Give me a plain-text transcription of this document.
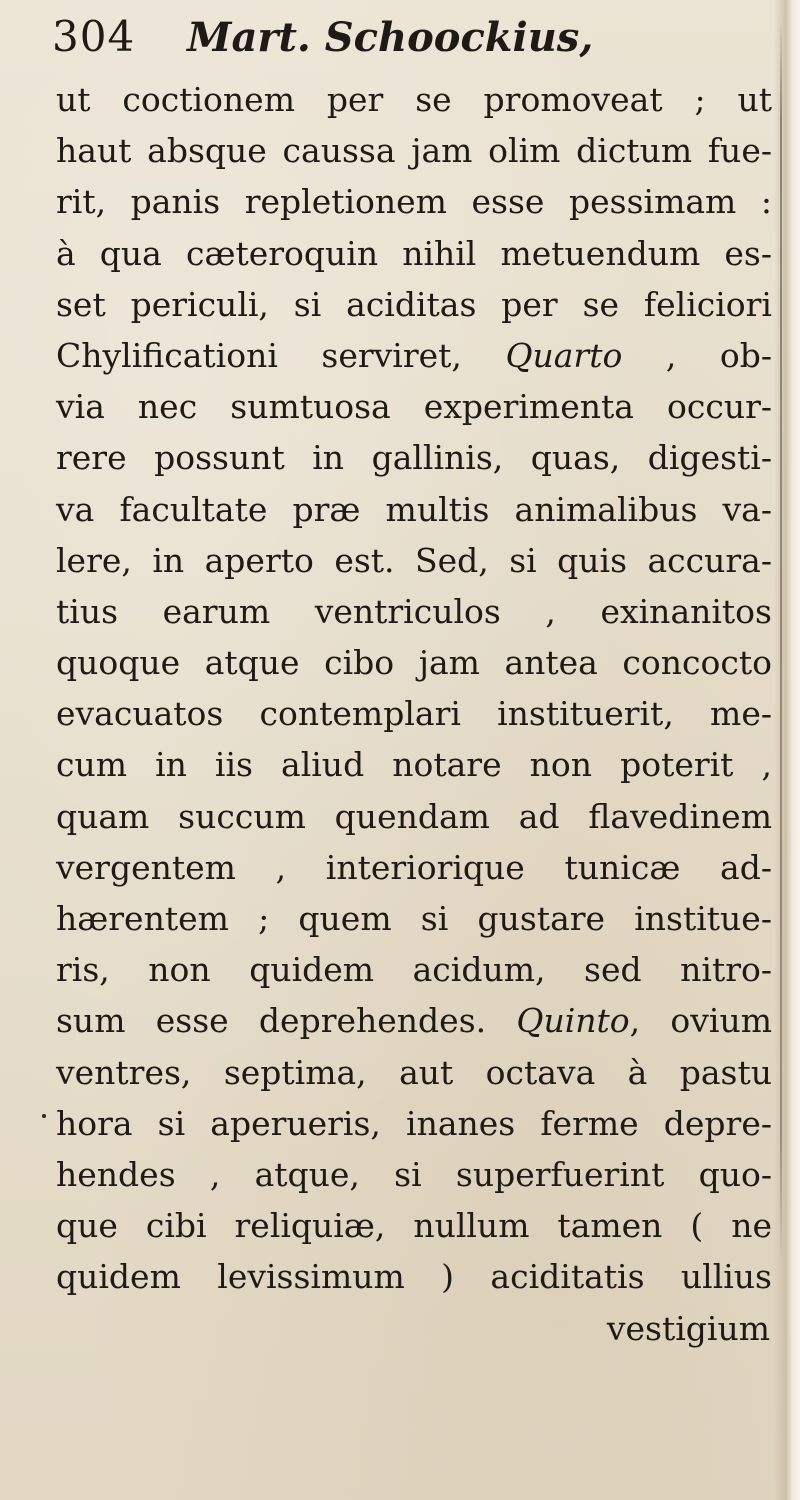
304 Mart. Schoockius,
ut coctionem per se promoveat ; ut
haut absque caussa jam olim dictum fue-
rit, panis repletionem esse pessimam :
à qua cæteroquin nihil metuendum es-
set periculi, si aciditas per se feliciori
Chylificationi serviret, Quarto , ob-
via nec sumtuosa experimenta occur-
rere possunt in gallinis, quas, digesti-
va facultate præ multis animalibus va-
lere, in aperto est. Sed, si quis accura-
tius earum ventriculos , exinanitos
quoque atque cibo jam antea concocto
evacuatos contemplari instituerit, me-
cum in iis aliud notare non poterit ,
quam succum quendam ad flavedinem
vergentem , interiorique tunicæ ad-
hærentem ; quem si gustare institue-
ris, non quidem acidum, sed nitro-
sum esse deprehendes. Quinto, ovium
ventres, septima, aut octava à pastu
hora si aperueris, inanes ferme depre-
hendes , atque, si superfuerint quo-
que cibi reliquiæ, nullum tamen ( ne
quidem levissimum ) aciditatis ullius
vestigium
